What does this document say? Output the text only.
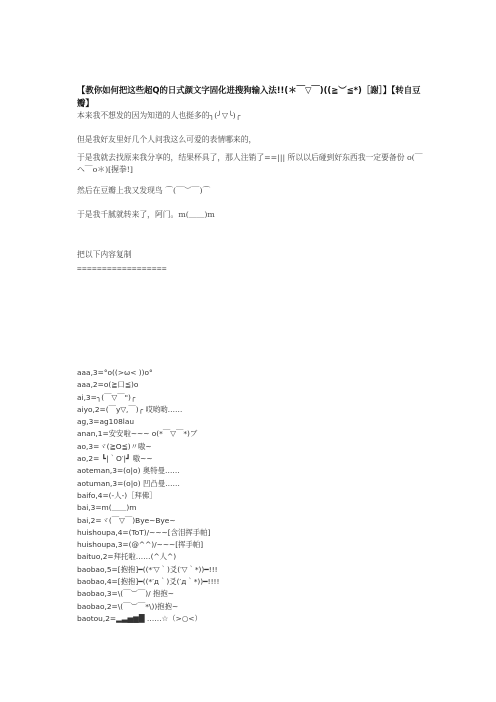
【教你如何把这些超Q的日式颜文字固化进搜狗输入法!!(＊￣▽￣)((≧︶≦*)［謝］】【转自豆瓣】
本来我不想发的因为知道的人也挺多的╮(╯▽╰)╭
但是我好友里好几个人问我这么可爱的表情哪来的，
于是我就去找原来我分享的，结果杯具了，那人注销了==||| 所以以后碰到好东西我一定要备份 o(￣ヘ￣o＊)[握拳!]
然后在豆瓣上我又发现鸟 ⌒(￣︶￣)⌒
于是我千腻就转来了，阿门。m(＿＿)m
把以下内容复制
==================
aaa,3=°o((>ω< ))o°
aaa,2=o(≧口≦)o
ai,3=╮(￣▽￣")╭
aiyo,2=(￣y▽,￣)╭ 哎哟哟……
ag,3=ag108lau
anan,1=安安啦~~~ o(*￣▽￣*)ブ
ao,3=ヾ(≧O≦)〃嗷~
ao,2= ┗|｀O′|┛ 嗷~~
aoteman,3=(o|o) 奥特曼……
aotuman,3=(o|o) 凹凸曼……
baifo,4=(-人-)［拜佛］
bai,3=m(＿＿)m
bai,2=ヾ(￣▽￣)Bye~Bye~
huishoupa,4=(ToT)/~~~[含泪挥手帕]
huishoupa,3=(@^^)/~~~[挥手帕]
baituo,2=拜托啦……(^人^)
baobao,5=[抱抱]━((*′▽｀)爻(′▽｀*))━!!!
baobao,4=[抱抱]━((*′д｀)爻(′д｀*))━!!!!
baobao,3=\(￣︶￣)/ 抱抱~
baobao,2=\(￣︶￣*\))抱抱~
baotou,2=▂▃▅▆█ ……☆（>○<）
